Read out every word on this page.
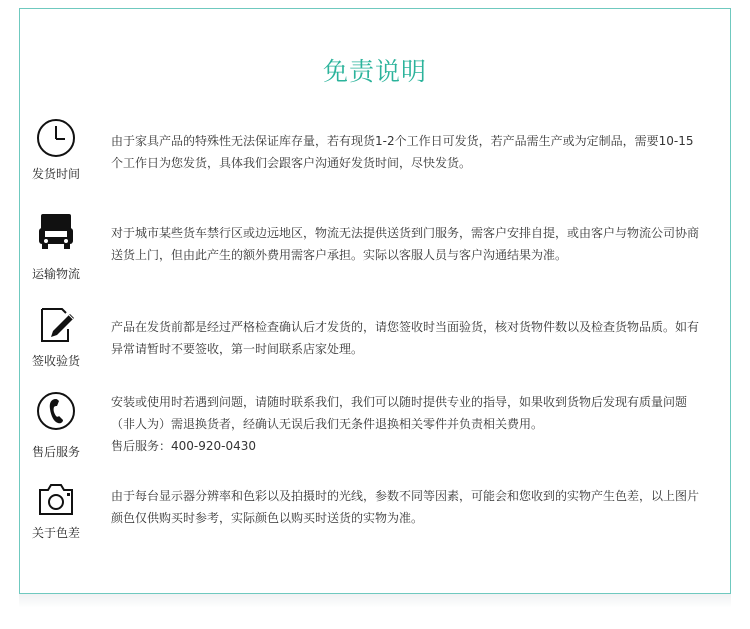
免责说明
发货时间

由于家具产品的特殊性无法保证库存量，若有现货1-2个工作日可发货，若产品需生产或为定制品，需要10-15个工作日为您发货，具体我们会跟客户沟通好发货时间，尽快发货。

运输物流

对于城市某些货车禁行区或边远地区，物流无法提供送货到门服务，需客户安排自提，或由客户与物流公司协商送货上门，但由此产生的额外费用需客户承担。实际以客服人员与客户沟通结果为准。

签收验货

产品在发货前都是经过严格检查确认后才发货的，请您签收时当面验货，核对货物件数以及检查货物品质。如有异常请暂时不要签收，第一时间联系店家处理。

售后服务

安装或使用时若遇到问题，请随时联系我们，我们可以随时提供专业的指导，如果收到货物后发现有质量问题（非人为）需退换货者，经确认无误后我们无条件退换相关零件并负责相关费用。

售后服务：400-920-0430

关于色差

由于每台显示器分辨率和色彩以及拍摄时的光线，参数不同等因素，可能会和您收到的实物产生色差，以上图片颜色仅供购买时参考，实际颜色以购买时送货的实物为准。
